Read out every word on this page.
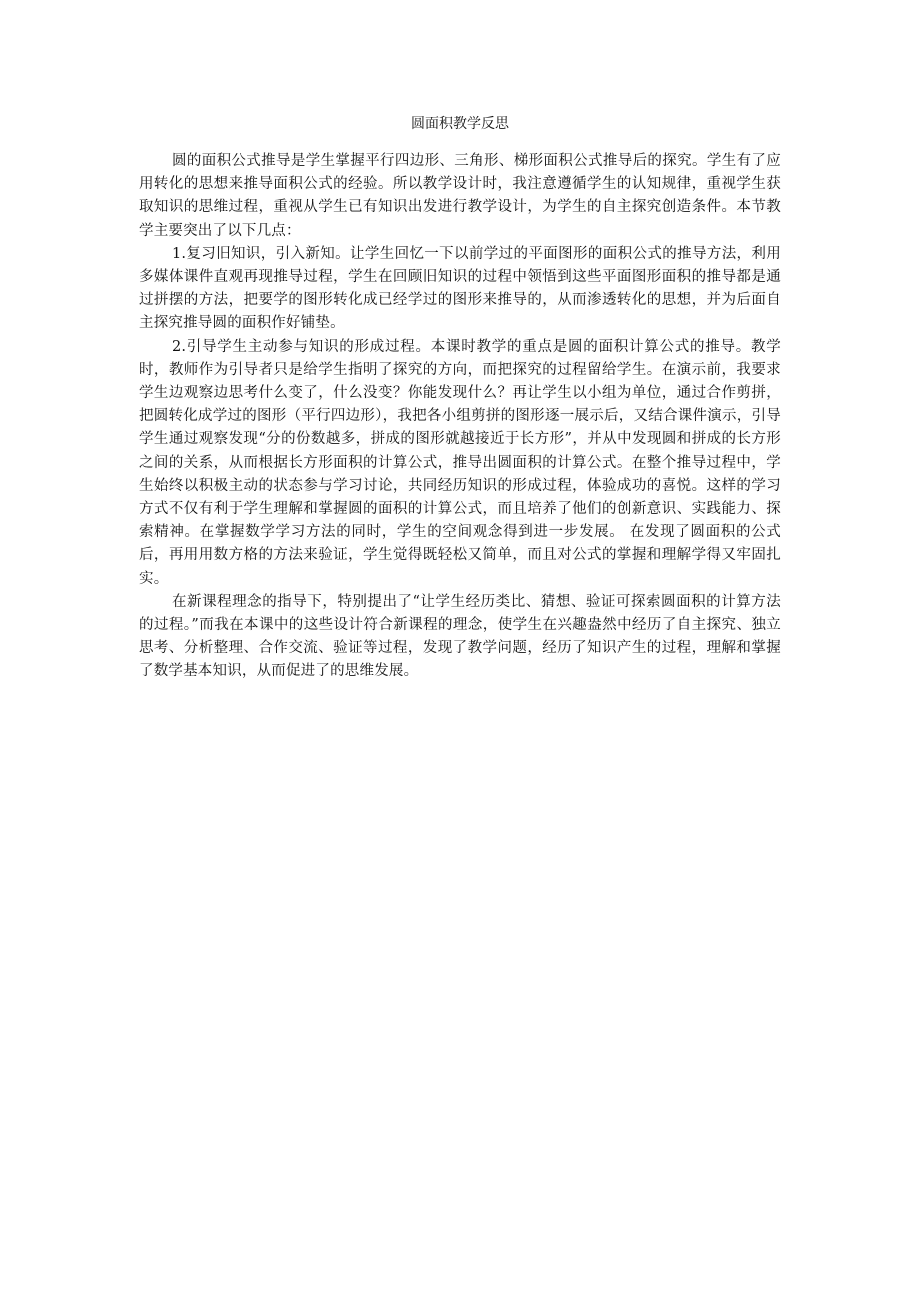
圆面积教学反思

圆的面积公式推导是学生掌握平行四边形、三角形、梯形面积公式推导后的探究。学生有了应用转化的思想来推导面积公式的经验。所以教学设计时，我注意遵循学生的认知规律，重视学生获取知识的思维过程，重视从学生已有知识出发进行教学设计，为学生的自主探究创造条件。本节教学主要突出了以下几点：

1.复习旧知识，引入新知。让学生回忆一下以前学过的平面图形的面积公式的推导方法，利用多媒体课件直观再现推导过程，学生在回顾旧知识的过程中领悟到这些平面图形面积的推导都是通过拼摆的方法，把要学的图形转化成已经学过的图形来推导的，从而渗透转化的思想，并为后面自主探究推导圆的面积作好铺垫。

2.引导学生主动参与知识的形成过程。本课时教学的重点是圆的面积计算公式的推导。教学时，教师作为引导者只是给学生指明了探究的方向，而把探究的过程留给学生。在演示前，我要求学生边观察边思考什么变了，什么没变？你能发现什么？再让学生以小组为单位，通过合作剪拼，把圆转化成学过的图形（平行四边形），我把各小组剪拼的图形逐一展示后，又结合课件演示，引导学生通过观察发现“分的份数越多，拼成的图形就越接近于长方形”，并从中发现圆和拼成的长方形之间的关系，从而根据长方形面积的计算公式，推导出圆面积的计算公式。在整个推导过程中，学生始终以积极主动的状态参与学习讨论，共同经历知识的形成过程，体验成功的喜悦。这样的学习方式不仅有利于学生理解和掌握圆的面积的计算公式，而且培养了他们的创新意识、实践能力、探索精神。在掌握数学学习方法的同时，学生的空间观念得到进一步发展。 在发现了圆面积的公式后，再用用数方格的方法来验证，学生觉得既轻松又简单，而且对公式的掌握和理解学得又牢固扎实。

在新课程理念的指导下，特别提出了“让学生经历类比、猜想、验证可探索圆面积的计算方法的过程。”而我在本课中的这些设计符合新课程的理念，使学生在兴趣盎然中经历了自主探究、独立思考、分析整理、合作交流、验证等过程，发现了教学问题，经历了知识产生的过程，理解和掌握了数学基本知识，从而促进了的思维发展。
